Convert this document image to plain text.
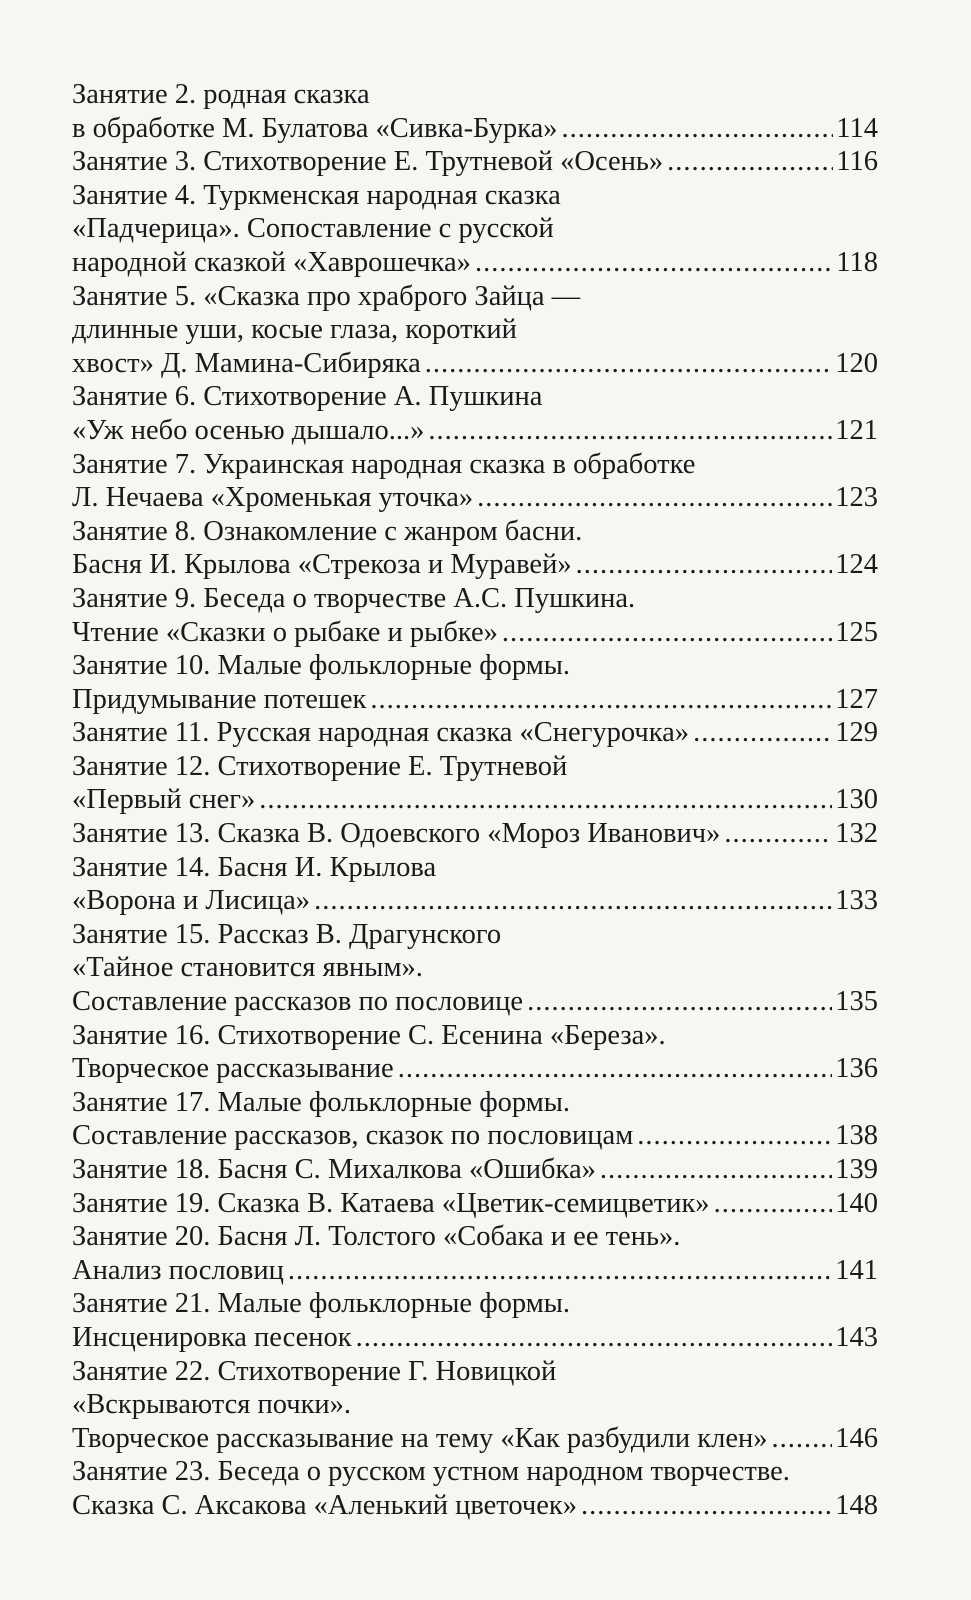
Занятие 2. родная сказка
в обработке М. Булатова «Сивка-Бурка» .....	114
Занятие 3. Стихотворение Е. Трутневой «Осень» .....	116
Занятие 4. Туркменская народная сказка
«Падчерица». Сопоставление с русской
народной сказкой «Хаврошечка» .....	118
Занятие 5. «Сказка про храброго Зайца —
длинные уши, косые глаза, короткий
хвост» Д. Мамина-Сибиряка .....	120
Занятие 6. Стихотворение А. Пушкина
«Уж небо осенью дышало...» .....	121
Занятие 7. Украинская народная сказка в обработке
Л. Нечаева «Хроменькая уточка» .....	123
Занятие 8. Ознакомление с жанром басни.
Басня И. Крылова «Стрекоза и Муравей» .....	124
Занятие 9. Беседа о творчестве А.С. Пушкина.
Чтение «Сказки о рыбаке и рыбке» .....	125
Занятие 10. Малые фольклорные формы.
Придумывание потешек .....	127
Занятие 11. Русская народная сказка «Снегурочка» .....	129
Занятие 12. Стихотворение Е. Трутневой
«Первый снег» .....	130
Занятие 13. Сказка В. Одоевского «Мороз Иванович» .....	132
Занятие 14. Басня И. Крылова
«Ворона и Лисица» .....	133
Занятие 15. Рассказ В. Драгунского
«Тайное становится явным».
Составление рассказов по пословице .....	135
Занятие 16. Стихотворение С. Есенина «Береза».
Творческое рассказывание .....	136
Занятие 17. Малые фольклорные формы.
Составление рассказов, сказок по пословицам .....	138
Занятие 18. Басня С. Михалкова «Ошибка» .....	139
Занятие 19. Сказка В. Катаева «Цветик-семицветик» .....	140
Занятие 20. Басня Л. Толстого «Собака и ее тень».
Анализ пословиц .....	141
Занятие 21. Малые фольклорные формы.
Инсценировка песенок .....	143
Занятие 22. Стихотворение Г. Новицкой
«Вскрываются почки».
Творческое рассказывание на тему «Как разбудили клен» ..... 146
Занятие 23. Беседа о русском устном народном творчестве.
Сказка С. Аксакова «Аленький цветочек» .....	148
